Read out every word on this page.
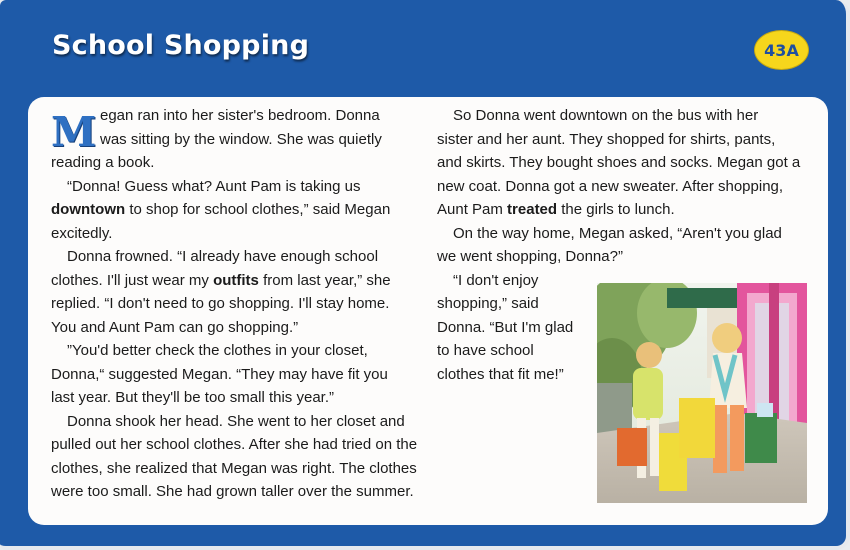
School Shopping	43A
M egan ran into her sister's bedroom. Donna
was sitting by the window. She was quietly
reading a book.
“Donna! Guess what? Aunt Pam is taking us
downtown to shop for school clothes,” said Megan
excitedly.
Donna frowned. “I already have enough school
clothes. I'll just wear my outfits from last year,” she
replied. “I don't need to go shopping. I'll stay home.
You and Aunt Pam can go shopping.”
”You'd better check the clothes in your closet,
Donna,“ suggested Megan. “They may have fit you
last year. But they'll be too small this year.”
Donna shook her head. She went to her closet and
pulled out her school clothes. After she had tried on the
clothes, she realized that Megan was right. The clothes
were too small. She had grown taller over the summer.
So Donna went downtown on the bus with her
sister and her aunt. They shopped for shirts, pants,
and skirts. They bought shoes and socks. Megan got a
new coat. Donna got a new sweater. After shopping,
Aunt Pam treated the girls to lunch.
On the way home, Megan asked, “Aren't you glad
we went shopping, Donna?”
“I don't enjoy
shopping,” said
Donna. “But I'm glad
to have school
clothes that fit me!”
